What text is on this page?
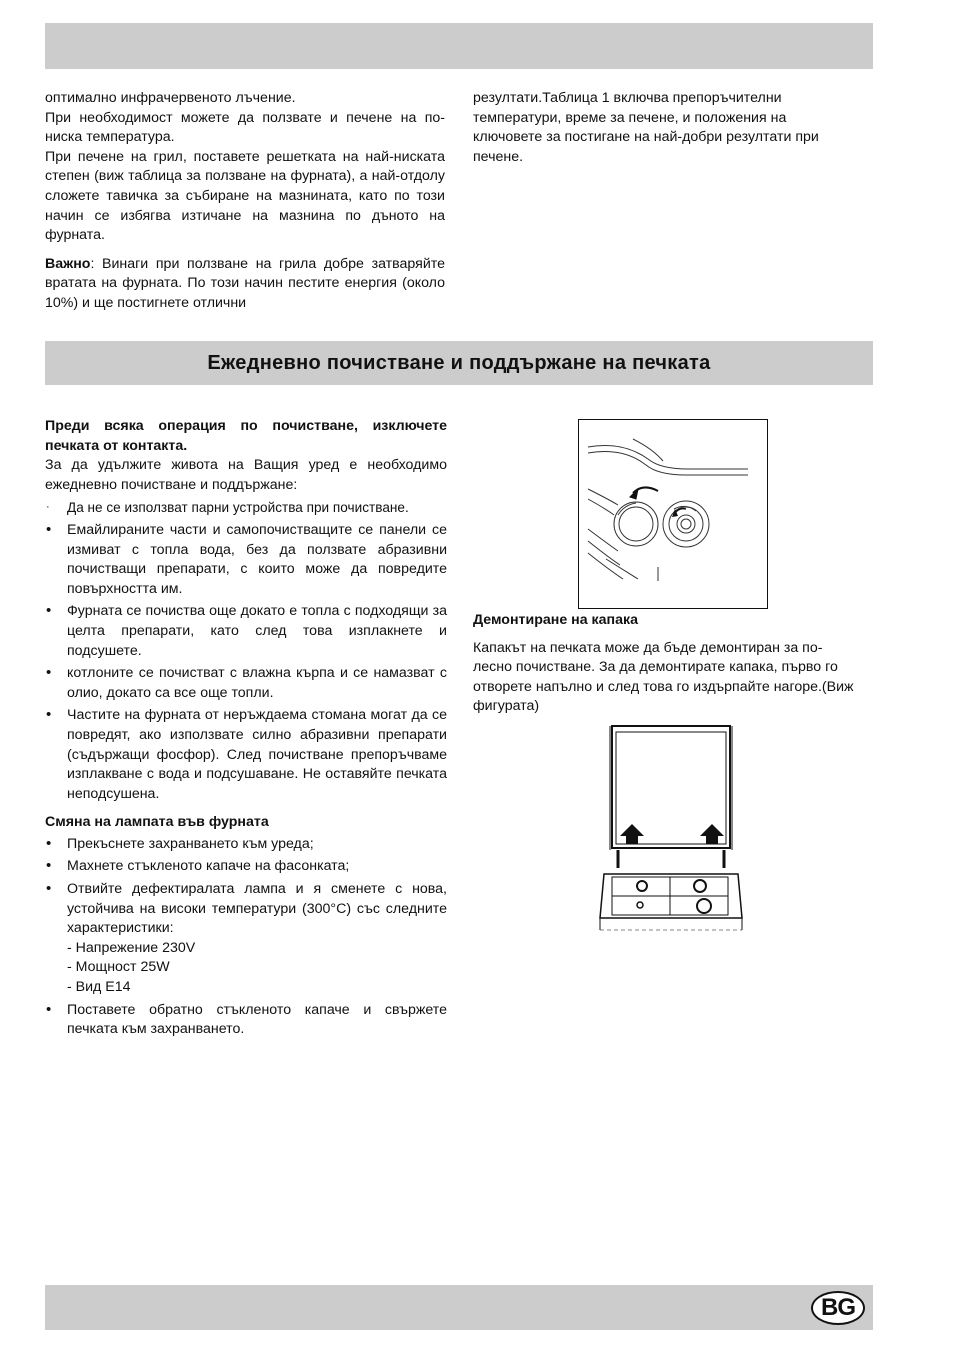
оптимално инфрачервеното лъчение.

При необходимост можете да ползвате и печене на по-ниска температура.

При печене на грил, поставете решетката на най-ниската степен (виж таблица за ползване на фурната), а най-отдолу сложете тавичка за събиране на мазнината, като по този начин се избягва изтичане на мазнина по дъното на фурната.

Важно: Винаги при ползване на грила добре затваряйте вратата на фурната. По този начин пестите енергия (около 10%) и ще постигнете отлични

резултати.Таблица 1 включва препоръчителни температури, време за печене, и положения на ключовете за постигане на най-добри резултати при печене.

Ежедневно почистване и поддържане на печката

Преди всяка операция по почистване, изключете печката от контакта.

За да удължите живота на Ващия уред е необходимо ежедневно почистване и поддържане:

· Да не се използват парни устройства при почистване.
• Емайлираните части и самопочистващите се панели се измиват с топла вода, без да ползвате абразивни почистващи препарати, с които може да повредите повърхността им.
• Фурната се почиства още докато е топла с подходящи за целта препарати, като след това изплакнете и подсушете.
• котлоните се почистват с влажна кърпа и се намазват с олио, докато са все още топли.
• Частите на фурната от неръждаема стомана могат да се повредят, ако използвате силно абразивни препарати (съдържащи фосфор). След почистване препоръчваме изплакване с вода и подсушаване. Не оставяйте печката неподсушена.

Смяна на лампата във фурната

• Прекъснете захранването към уреда;
• Махнете стъкленото капаче на фасонката;
• Отвийте дефектиралата лампа и я сменете с нова, устойчива на високи температури (300°C) със следните характеристики:
- Напрежение 230V
- Мощност 25W
- Вид E14
• Поставете обратно стъкленото капаче и свържете печката към захранването.

Демонтиране на капака

Капакът на печката може да бъде демонтиран за по-лесно почистване. За да демонтирате капака, първо го отворете напълно и след това го издърпайте нагоре.(Виж фигурата)

BG
